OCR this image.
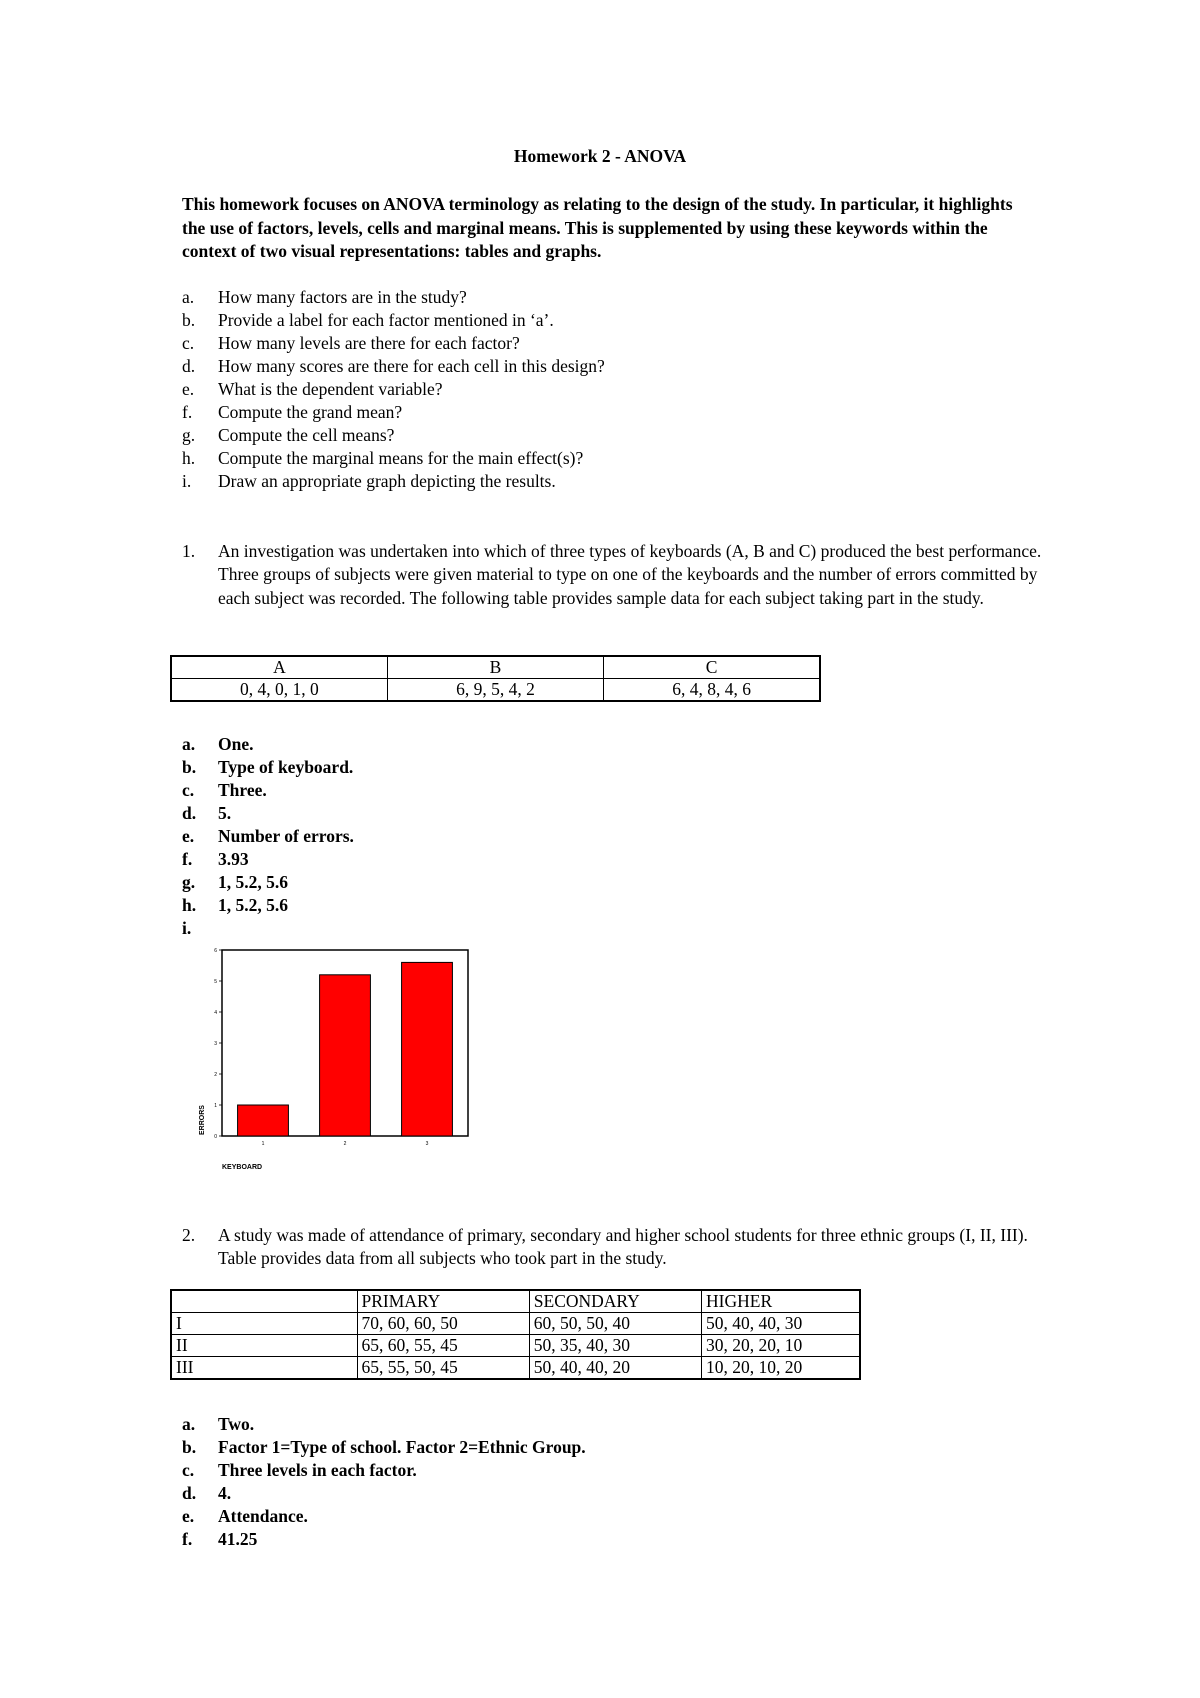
Homework 2 - ANOVA
This homework focuses on ANOVA terminology as relating to the design of the study. In particular, it highlights the use of factors, levels, cells and marginal means. This is supplemented by using these keywords within the context of two visual representations: tables and graphs.
a. How many factors are in the study?
b. Provide a label for each factor mentioned in ‘a’.
c. How many levels are there for each factor?
d. How many scores are there for each cell in this design?
e. What is the dependent variable?
f. Compute the grand mean?
g. Compute the cell means?
h. Compute the marginal means for the main effect(s)?
i. Draw an appropriate graph depicting the results.
1. An investigation was undertaken into which of three types of keyboards (A, B and C) produced the best performance. Three groups of subjects were given material to type on one of the keyboards and the number of errors committed by each subject was recorded. The following table provides sample data for each subject taking part in the study.
A	B	C
0, 4, 0, 1, 0	6, 9, 5, 4, 2	6, 4, 8, 4, 6
a. One.
b. Type of keyboard.
c. Three.
d. 5.
e. Number of errors.
f. 3.93
g. 1, 5.2, 5.6
h. 1, 5.2, 5.6
i.
0
1
2
3
4
5
6
1	2	3
ERRORS
KEYBOARD
2. A study was made of attendance of primary, secondary and higher school students for three ethnic groups (I, II, III). Table provides data from all subjects who took part in the study.
	PRIMARY	SECONDARY	HIGHER
I	70, 60, 60, 50	60, 50, 50, 40	50, 40, 40, 30
II	65, 60, 55, 45	50, 35, 40, 30	30, 20, 20, 10
III	65, 55, 50, 45	50, 40, 40, 20	10, 20, 10, 20
a. Two.
b. Factor 1=Type of school. Factor 2=Ethnic Group.
c. Three levels in each factor.
d. 4.
e. Attendance.
f. 41.25
